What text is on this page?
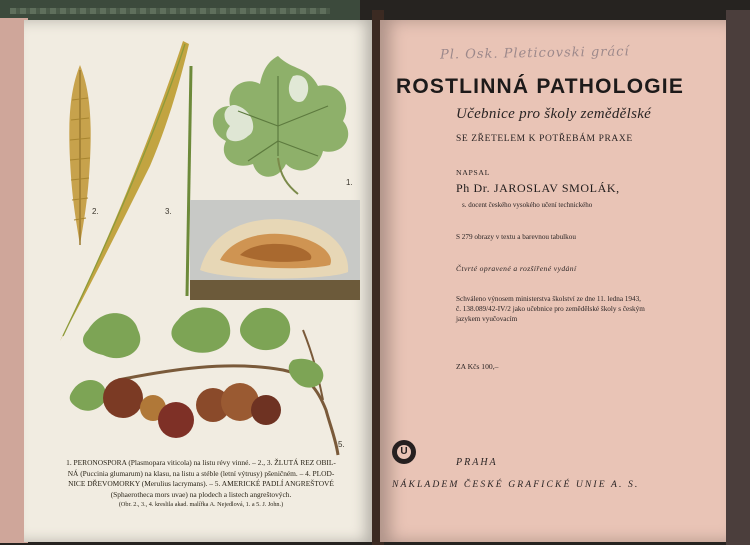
2.	3.
1.
5.
1. PERONOSPORA (Plasmopara viticola) na listu révy vinné. – 2., 3. ŽLUTÁ REZ OBIL-
NÁ (Puccinia glumarum) na klasu, na listu a stéble (letní výtrusy) pšeničném. – 4. PLOD-
NICE DŘEVOMORKY (Merulius lacrymans). – 5. AMERICKÉ PADLÍ ANGREŠTOVÉ
(Sphaerotheca mors uvae) na plodech a listech angreštových.
(Obr. 2., 3., 4. kreslila akad. malířka A. Nejedlová, 1. a 5. J. John.)
Pl. Osk. Pleticovski grácí
ROSTLINNÁ PATHOLOGIE
Učebnice pro školy zemědělské
SE ZŘETELEM K POTŘEBÁM PRAXE
NAPSAL
Ph Dr. JAROSLAV SMOLÁK,
s. docent českého vysokého učení technického
S 279 obrazy v textu a barevnou tabulkou
Čtvrté opravené a rozšířené vydání
Schváleno výnosem ministerstva školství ze dne 11. ledna 1943,
č. 138.089/42-IV/2 jako učebnice pro zemědělské školy s českým
jazykem vyučovacím
ZA Kčs 100,–
U
PRAHA
NÁKLADEM ČESKÉ GRAFICKÉ UNIE A. S.
